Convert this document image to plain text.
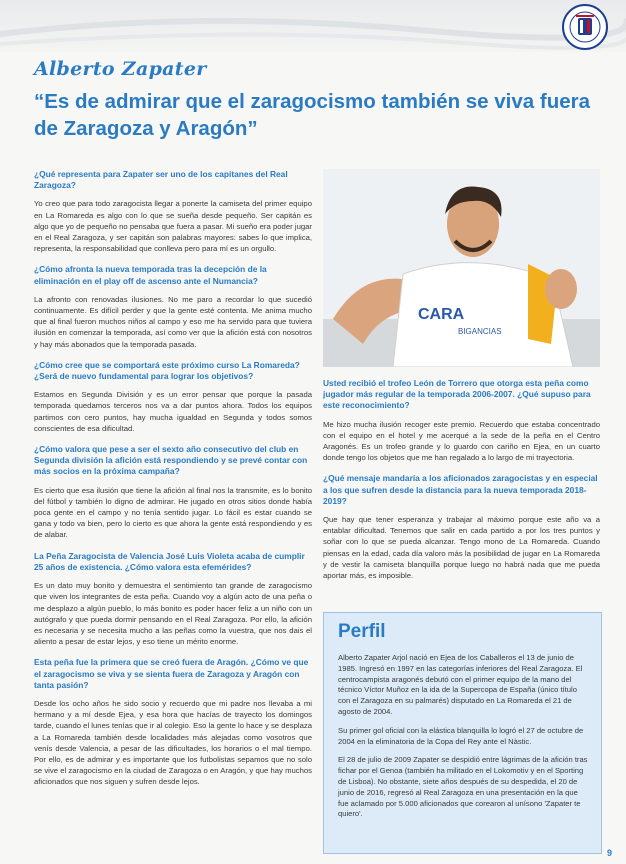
Alberto Zapater
“Es de admirar que el zaragocismo también se viva fuera de Zaragoza y Aragón”

¿Qué representa para Zapater ser uno de los capitanes del Real Zaragoza?

Yo creo que para todo zaragocista llegar a ponerte la camiseta del primer equipo en La Romareda es algo con lo que se sueña desde pequeño. Ser capitán es algo que yo de pequeño no pensaba que fuera a pasar. Mi sueño era poder jugar en el Real Zaragoza, y ser capitán son palabras mayores: sabes lo que implica, representa, la responsabilidad que conlleva pero para mí es un orgullo.

¿Cómo afronta la nueva temporada tras la decepción de la eliminación en el play off de ascenso ante el Numancia?

La afronto con renovadas ilusiones. No me paro a recordar lo que sucedió continuamente. Es difícil perder y que la gente esté contenta. Me anima mucho que al final fueron muchos niños al campo y eso me ha servido para que tuviera ilusión en comenzar la temporada, así como ver que la afición está con nosotros y hay más abonados que la temporada pasada.

¿Cómo cree que se comportará este próximo curso La Romareda? ¿Será de nuevo fundamental para lograr los objetivos?

Estamos en Segunda División y es un error pensar que porque la pasada temporada quedamos terceros nos va a dar puntos ahora. Todos los equipos partimos con cero puntos, hay mucha igualdad en Segunda y todos somos conscientes de esa dificultad.

¿Cómo valora que pese a ser el sexto año consecutivo del club en Segunda división la afición está respondiendo y se prevé contar con más socios en la próxima campaña?

Es cierto que esa ilusión que tiene la afición al final nos la transmite, es lo bonito del fútbol y también lo digno de admirar. He jugado en otros sitios donde había poca gente en el campo y no tenía sentido jugar. Lo fácil es estar cuando se gana y todo va bien, pero lo cierto es que ahora la gente está respondiendo y es de alabar.

La Peña Zaragocista de Valencia José Luis Violeta acaba de cumplir 25 años de existencia. ¿Cómo valora esta efemérides?

Es un dato muy bonito y demuestra el sentimiento tan grande de zaragocismo que viven los integrantes de esta peña. Cuando voy a algún acto de una peña o me desplazo a algún pueblo, lo más bonito es poder hacer feliz a un niño con un autógrafo y que pueda dormir pensando en el Real Zaragoza. Por ello, la afición es necesaria y se necesita mucho a las peñas como la vuestra, que nos dais el aliento a pesar de estar lejos, y eso tiene un mérito enorme.

Esta peña fue la primera que se creó fuera de Aragón. ¿Cómo ve que el zaragocismo se viva y se sienta fuera de Zaragoza y Aragón con tanta pasión?

Desde los ocho años he sido socio y recuerdo que mi padre nos llevaba a mi hermano y a mí desde Ejea, y esa hora que hacías de trayecto los domingos tarde, cuando el lunes tenías que ir al colegio. Eso la gente lo hace y se desplaza a La Romareda también desde localidades más alejadas como vosotros que venís desde Valencia, a pesar de las dificultades, los horarios o el mal tiempo. Por ello, es de admirar y es importante que los futbolistas sepamos que no solo se vive el zaragocismo en la ciudad de Zaragoza o en Aragón, y que hay muchos aficionados que nos siguen y sufren desde lejos.

CARA
BIGANCIAS

Usted recibió el trofeo León de Torrero que otorga esta peña como jugador más regular de la temporada 2006-2007. ¿Qué supuso para este reconocimiento?

Me hizo mucha ilusión recoger este premio. Recuerdo que estaba concentrado con el equipo en el hotel y me acerqué a la sede de la peña en el Centro Aragonés. Es un trofeo grande y lo guardo con cariño en Ejea, en un cuarto donde tengo los objetos que me han regalado a lo largo de mi trayectoria.

¿Qué mensaje mandaría a los aficionados zaragocistas y en especial a los que sufren desde la distancia para la nueva temporada 2018-2019?

Que hay que tener esperanza y trabajar al máximo porque este año va a entablar dificultad. Tenemos que salir en cada partido a por los tres puntos y soñar con lo que se pueda alcanzar. Tengo mono de La Romareda. Cuando piensas en la edad, cada día valoro más la posibilidad de jugar en La Romareda y de vestir la camiseta blanquilla porque luego no habrá nada que me pueda aportar más, es imposible.

Perfil

Alberto Zapater Arjol nació en Ejea de los Caballeros el 13 de junio de 1985. Ingresó en 1997 en las categorías inferiores del Real Zaragoza. El centrocampista aragonés debutó con el primer equipo de la mano del técnico Víctor Muñoz en la ida de la Supercopa de España (único título con el Zaragoza en su palmarés) disputado en La Romareda el 21 de agosto de 2004.

Su primer gol oficial con la elástica blanquilla lo logró el 27 de octubre de 2004 en la eliminatoria de la Copa del Rey ante el Nàstic.

El 28 de julio de 2009 Zapater se despidió entre lágrimas de la afición tras fichar por el Genoa (también ha militado en el Lokomotiv y en el Sporting de Lisboa). No obstante, siete años después de su despedida, el 20 de junio de 2016, regresó al Real Zaragoza en una presentación en la que fue aclamado por 5.000 aficionados que corearon al unísono 'Zapater te quiero'.

9
